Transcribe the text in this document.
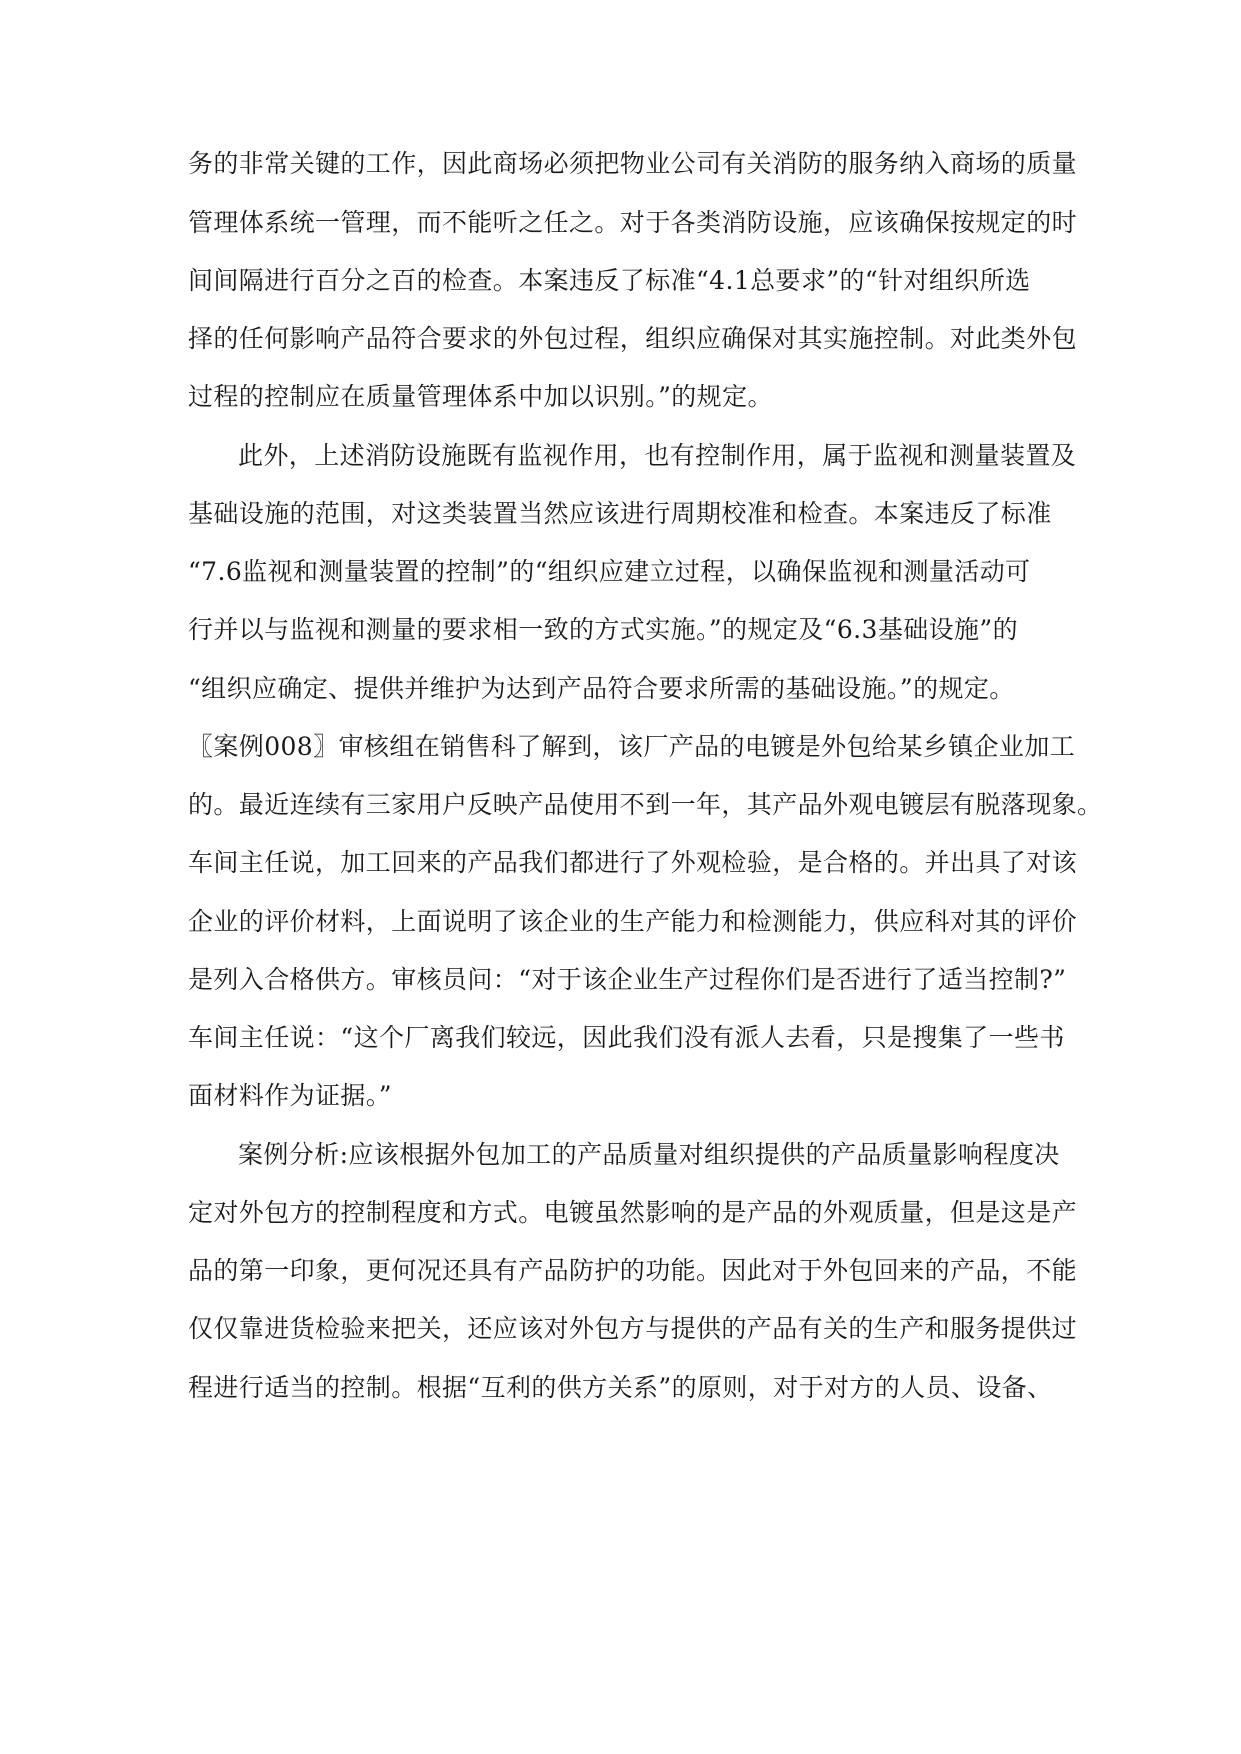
务的非常关键的工作，因此商场必须把物业公司有关消防的服务纳入商场的质量
管理体系统一管理，而不能听之任之。对于各类消防设施，应该确保按规定的时
间间隔进行百分之百的检查。本案违反了标准“4.1总要求”的“针对组织所选
择的任何影响产品符合要求的外包过程，组织应确保对其实施控制。对此类外包
过程的控制应在质量管理体系中加以识别。”的规定。
此外，上述消防设施既有监视作用，也有控制作用，属于监视和测量装置及
基础设施的范围，对这类装置当然应该进行周期校准和检查。本案违反了标准
“7.6监视和测量装置的控制”的“组织应建立过程，以确保监视和测量活动可
行并以与监视和测量的要求相一致的方式实施。”的规定及“6.3基础设施”的
“组织应确定、提供并维护为达到产品符合要求所需的基础设施。”的规定。
〖案例008〗审核组在销售科了解到，该厂产品的电镀是外包给某乡镇企业加工
的。最近连续有三家用户反映产品使用不到一年，其产品外观电镀层有脱落现象。
车间主任说，加工回来的产品我们都进行了外观检验，是合格的。并出具了对该
企业的评价材料，上面说明了该企业的生产能力和检测能力，供应科对其的评价
是列入合格供方。审核员问：“对于该企业生产过程你们是否进行了适当控制?”
车间主任说：“这个厂离我们较远，因此我们没有派人去看，只是搜集了一些书
面材料作为证据。”
案例分析:应该根据外包加工的产品质量对组织提供的产品质量影响程度决
定对外包方的控制程度和方式。电镀虽然影响的是产品的外观质量，但是这是产
品的第一印象，更何况还具有产品防护的功能。因此对于外包回来的产品，不能
仅仅靠进货检验来把关，还应该对外包方与提供的产品有关的生产和服务提供过
程进行适当的控制。根据“互利的供方关系”的原则，对于对方的人员、设备、
